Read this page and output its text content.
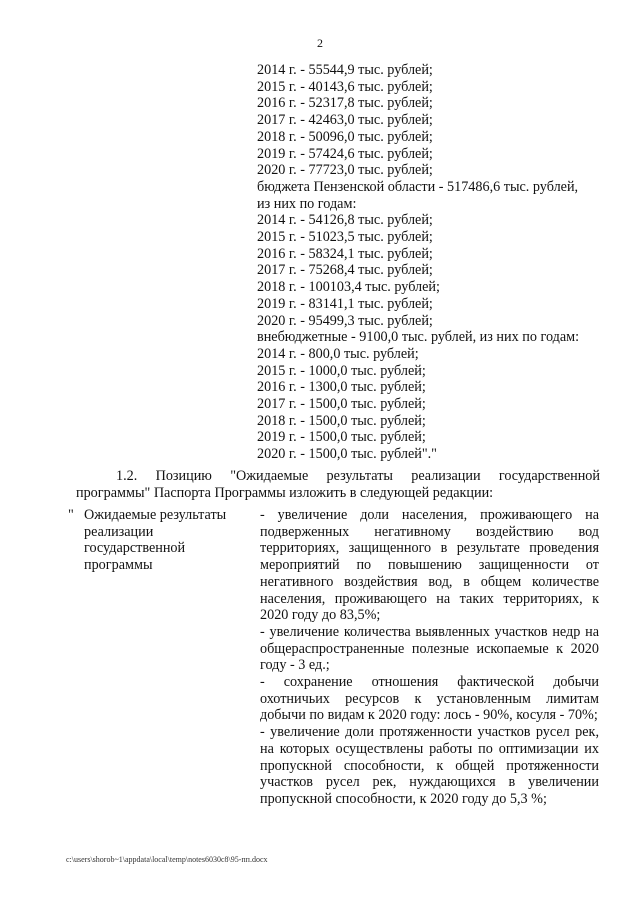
2
2014 г. - 55544,9 тыс. рублей;
2015 г. - 40143,6 тыс. рублей;
2016 г. - 52317,8 тыс. рублей;
2017 г. - 42463,0 тыс. рублей;
2018 г. - 50096,0 тыс. рублей;
2019 г. - 57424,6 тыс. рублей;
2020 г. - 77723,0 тыс. рублей;
бюджета Пензенской области - 517486,6 тыс. рублей,
из них по годам:
2014 г. - 54126,8 тыс. рублей;
2015 г. - 51023,5 тыс. рублей;
2016 г. - 58324,1 тыс. рублей;
2017 г. - 75268,4 тыс. рублей;
2018 г. - 100103,4 тыс. рублей;
2019 г. - 83141,1 тыс. рублей;
2020 г. - 95499,3 тыс. рублей;
внебюджетные - 9100,0 тыс. рублей, из них по годам:
2014 г. - 800,0 тыс. рублей;
2015 г. - 1000,0 тыс. рублей;
2016 г. - 1300,0 тыс. рублей;
2017 г. - 1500,0 тыс. рублей;
2018 г. - 1500,0 тыс. рублей;
2019 г. - 1500,0 тыс. рублей;
2020 г. - 1500,0 тыс. рублей"."
1.2. Позицию "Ожидаемые результаты реализации государственной программы" Паспорта Программы изложить в следующей редакции:
" Ожидаемые результаты реализации государственной программы

- увеличение доли населения, проживающего на подверженных негативному воздействию вод территориях, защищенного в результате проведения мероприятий по повышению защищенности от негативного воздействия вод, в общем количестве населения, проживающего на таких территориях, к 2020 году до 83,5%;

- увеличение количества выявленных участков недр на общераспространенные полезные ископаемые к 2020 году - 3 ед.;

- сохранение отношения фактической добычи охотничьих ресурсов к установленным лимитам добычи по видам к 2020 году: лось - 90%, косуля - 70%;

- увеличение доли протяженности участков русел рек, на которых осуществлены работы по оптимизации их пропускной способности, к общей протяженности участков русел рек, нуждающихся в увеличении пропускной способности, к 2020 году до 5,3 %;

c:\users\shorob~1\appdata\local\temp\notes6030c8\95-пп.docx
